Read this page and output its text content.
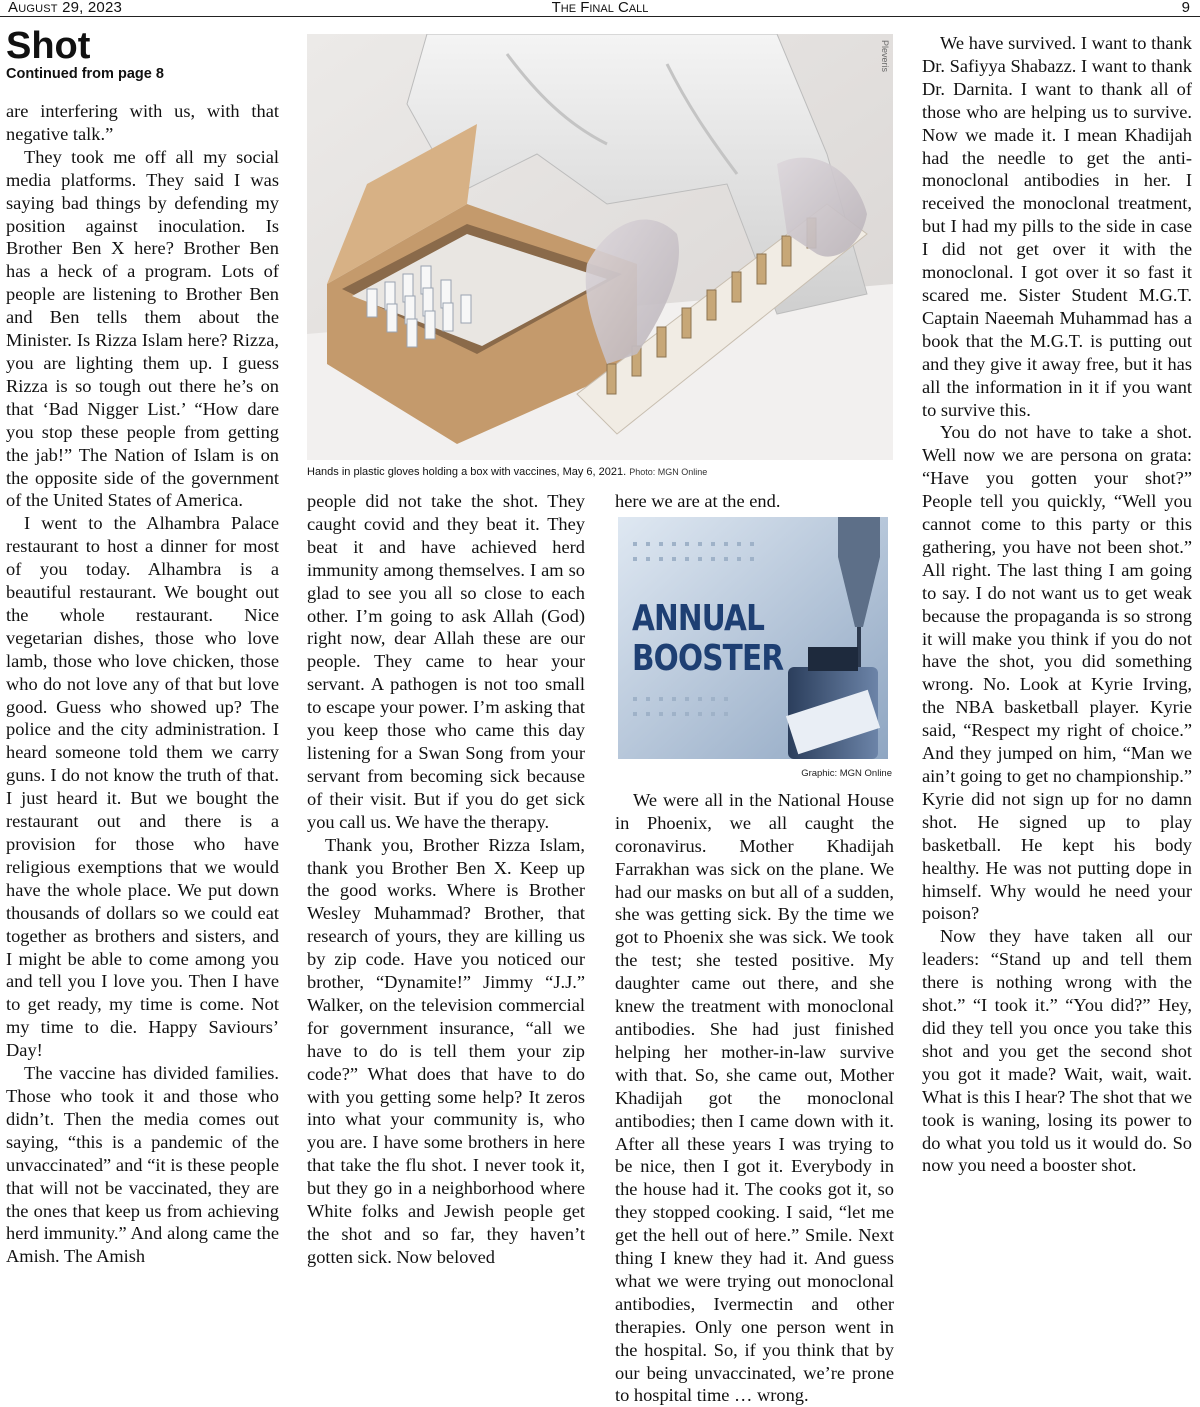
August 29, 2023	The Final Call	9
Shot
Continued from page 8

are interfering with us, with that negative talk.”

They took me off all my social media platforms. They said I was saying bad things by defending my position against inoculation. Is Brother Ben X here? Brother Ben has a heck of a program. Lots of people are listening to Brother Ben and Ben tells them about the Minister. Is Rizza Islam here? Rizza, you are lighting them up. I guess Rizza is so tough out there he’s on that ‘Bad Nigger List.’ “How dare you stop these people from getting the jab!” The Nation of Islam is on the opposite side of the government of the United States of America.

I went to the Alhambra Palace restaurant to host a dinner for most of you today. Alhambra is a beautiful restaurant. We bought out the whole restaurant. Nice vegetarian dishes, those who love lamb, those who love chicken, those who do not love any of that but love good. Guess who showed up? The police and the city administration. I heard someone told them we carry guns. I do not know the truth of that. I just heard it. But we bought the restaurant out and there is a provision for those who have religious exemptions that we would have the whole place. We put down thousands of dollars so we could eat together as brothers and sisters, and I might be able to come among you and tell you I love you. Then I have to get ready, my time is come. Not my time to die. Happy Saviours’ Day!

The vaccine has divided families. Those who took it and those who didn’t. Then the media comes out saying, “this is a pandemic of the unvaccinated” and “it is these people that will not be vaccinated, they are the ones that keep us from achieving herd immunity.” And along came the Amish. The Amish

Pleveris
Hands in plastic gloves holding a box with vaccines, May 6, 2021. Photo: MGN Online

people did not take the shot. They caught covid and they beat it. They beat it and have achieved herd immunity among themselves. I am so glad to see you all so close to each other. I’m going to ask Allah (God) right now, dear Allah these are our people. They came to hear your servant. A pathogen is not too small to escape your power. I’m asking that you keep those who came this day listening for a Swan Song from your servant from becoming sick because of their visit. But if you do get sick you call us. We have the therapy.

Thank you, Brother Rizza Islam, thank you Brother Ben X. Keep up the good works. Where is Brother Wesley Muhammad? Brother, that research of yours, they are killing us by zip code. Have you noticed our brother, “Dynamite!” Jimmy “J.J.” Walker, on the television commercial for government insurance, “all we have to do is tell them your zip code?” What does that have to do with you getting some help? It zeros into what your community is, who you are. I have some brothers in here that take the flu shot. I never took it, but they go in a neighborhood where White folks and Jewish people get the shot and so far, they haven’t gotten sick. Now beloved

here we are at the end.

ANNUAL
BOOSTER
Graphic: MGN Online

We were all in the National House in Phoenix, we all caught the coronavirus. Mother Khadijah Farrakhan was sick on the plane. We had our masks on but all of a sudden, she was getting sick. By the time we got to Phoenix she was sick. We took the test; she tested positive. My daughter came out there, and she knew the treatment with monoclonal antibodies. She had just finished helping her mother-in-law survive with that. So, she came out, Mother Khadijah got the monoclonal antibodies; then I came down with it. After all these years I was trying to be nice, then I got it. Everybody in the house had it. The cooks got it, so they stopped cooking. I said, “let me get the hell out of here.” Smile. Next thing I knew they had it. And guess what we were trying out monoclonal antibodies, Ivermectin and other therapies. Only one person went in the hospital. So, if you think that by our being unvaccinated, we’re prone to hospital time … wrong.

We have survived. I want to thank Dr. Safiyya Shabazz. I want to thank Dr. Darnita. I want to thank all of those who are helping us to survive. Now we made it. I mean Khadijah had the needle to get the anti-monoclonal antibodies in her. I received the monoclonal treatment, but I had my pills to the side in case I did not get over it with the monoclonal. I got over it so fast it scared me. Sister Student M.G.T. Captain Naeemah Muhammad has a book that the M.G.T. is putting out and they give it away free, but it has all the information in it if you want to survive this.

You do not have to take a shot. Well now we are persona on grata: “Have you gotten your shot?” People tell you quickly, “Well you cannot come to this party or this gathering, you have not been shot.” All right. The last thing I am going to say. I do not want us to get weak because the propaganda is so strong it will make you think if you do not have the shot, you did something wrong. No. Look at Kyrie Irving, the NBA basketball player. Kyrie said, “Respect my right of choice.” And they jumped on him, “Man we ain’t going to get no championship.” Kyrie did not sign up for no damn shot. He signed up to play basketball. He kept his body healthy. He was not putting dope in himself. Why would he need your poison?

Now they have taken all our leaders: “Stand up and tell them there is nothing wrong with the shot.” “I took it.” “You did?” Hey, did they tell you once you take this shot and you get the second shot you got it made? Wait, wait, wait. What is this I hear? The shot that we took is waning, losing its power to do what you told us it would do. So now you need a booster shot.
